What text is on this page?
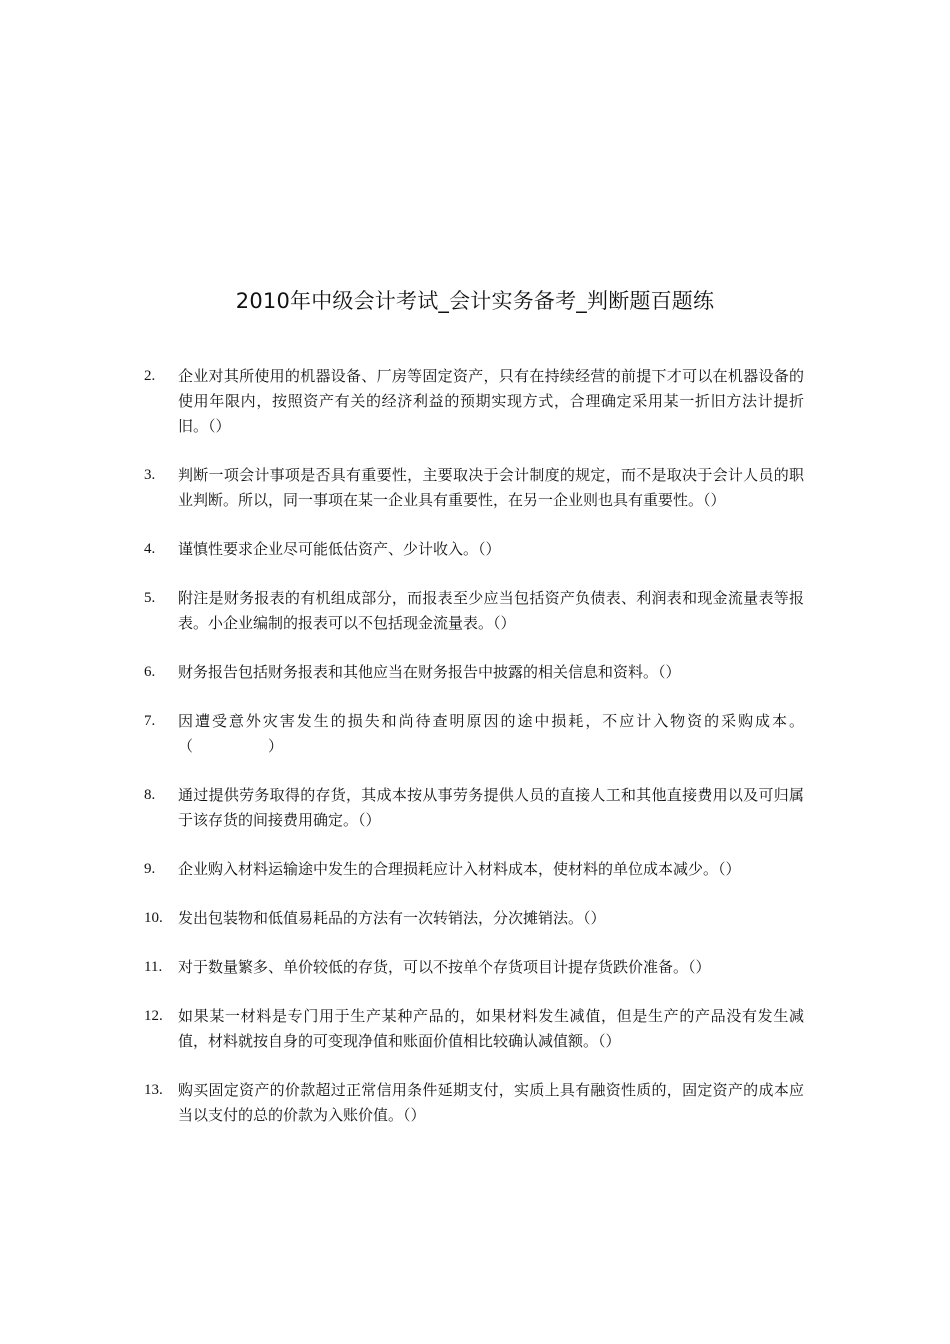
2010年中级会计考试_会计实务备考_判断题百题练
2.	企业对其所使用的机器设备、厂房等固定资产，只有在持续经营的前提下才可以在机器设备的使用年限内，按照资产有关的经济利益的预期实现方式，合理确定采用某一折旧方法计提折旧。（）
3.	判断一项会计事项是否具有重要性，主要取决于会计制度的规定，而不是取决于会计人员的职业判断。所以，同一事项在某一企业具有重要性，在另一企业则也具有重要性。（）
4.	谨慎性要求企业尽可能低估资产、少计收入。（）
5.	附注是财务报表的有机组成部分，而报表至少应当包括资产负债表、利润表和现金流量表等报表。小企业编制的报表可以不包括现金流量表。（）
6.	财务报告包括财务报表和其他应当在财务报告中披露的相关信息和资料。（）
7.	因遭受意外灾害发生的损失和尚待查明原因的途中损耗，不应计入物资的采购成本。（　　　　　）
8.	通过提供劳务取得的存货，其成本按从事劳务提供人员的直接人工和其他直接费用以及可归属于该存货的间接费用确定。（）
9.	企业购入材料运输途中发生的合理损耗应计入材料成本，使材料的单位成本减少。（）
10.	发出包装物和低值易耗品的方法有一次转销法，分次摊销法。（）
11.	对于数量繁多、单价较低的存货，可以不按单个存货项目计提存货跌价准备。（）
12.	如果某一材料是专门用于生产某种产品的，如果材料发生减值，但是生产的产品没有发生减值，材料就按自身的可变现净值和账面价值相比较确认减值额。（）
13.	购买固定资产的价款超过正常信用条件延期支付，实质上具有融资性质的，固定资产的成本应当以支付的总的价款为入账价值。（）
